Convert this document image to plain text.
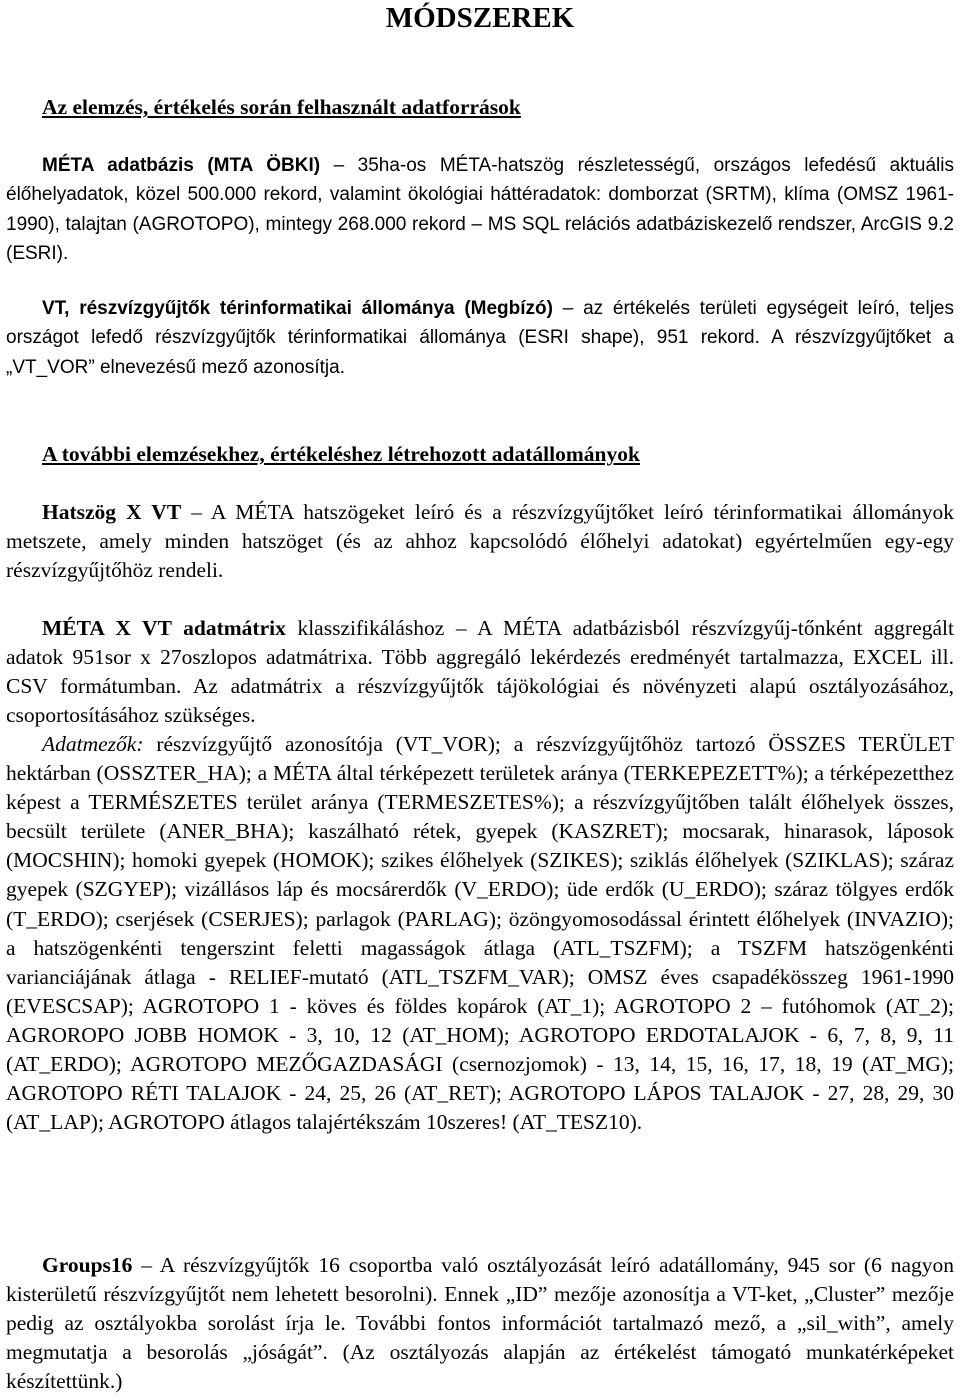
MÓDSZEREK
Az elemzés, értékelés során felhasznált adatforrások

MÉTA adatbázis (MTA ÖBKI) – 35ha-os MÉTA-hatszög részletességű, országos lefedésű aktuális élőhelyadatok, közel 500.000 rekord, valamint ökológiai háttéradatok: domborzat (SRTM), klíma (OMSZ 1961-1990), talajtan (AGROTOPO), mintegy 268.000 rekord – MS SQL relációs adatbáziskezelő rendszer, ArcGIS 9.2 (ESRI).

VT, részvízgyűjtők térinformatikai állománya (Megbízó) – az értékelés területi egységeit leíró, teljes országot lefedő részvízgyűjtők térinformatikai állománya (ESRI shape), 951 rekord. A részvízgyűjtőket a „VT_VOR” elnevezésű mező azonosítja.

A további elemzésekhez, értékeléshez létrehozott adatállományok

Hatszög X VT – A MÉTA hatszögeket leíró és a részvízgyűjtőket leíró térinformatikai állományok metszete, amely minden hatszöget (és az ahhoz kapcsolódó élőhelyi adatokat) egyértelműen egy-egy részvízgyűjtőhöz rendeli.

MÉTA X VT adatmátrix klasszifikáláshoz – A MÉTA adatbázisból részvízgyűj-tőnként aggregált adatok 951sor x 27oszlopos adatmátrixa. Több aggregáló lekérdezés eredményét tartalmazza, EXCEL ill. CSV formátumban. Az adatmátrix a részvízgyűjtők tájökológiai és növényzeti alapú osztályozásához, csoportosításához szükséges.

Adatmezők: részvízgyűjtő azonosítója (VT_VOR); a részvízgyűjtőhöz tartozó ÖSSZES TERÜLET hektárban (OSSZTER_HA); a MÉTA által térképezett területek aránya (TERKEPEZETT%); a térképezetthez képest a TERMÉSZETES terület aránya (TERMESZETES%); a részvízgyűjtőben talált élőhelyek összes, becsült területe (ANER_BHA); kaszálható rétek, gyepek (KASZRET); mocsarak, hinarasok, láposok (MOCSHIN); homoki gyepek (HOMOK); szikes élőhelyek (SZIKES); sziklás élőhelyek (SZIKLAS); száraz gyepek (SZGYEP); vizállásos láp és mocsárerdők (V_ERDO); üde erdők (U_ERDO); száraz tölgyes erdők (T_ERDO); cserjések (CSERJES); parlagok (PARLAG); özöngyomosodással érintett élőhelyek (INVAZIO); a hatszögenkénti tengerszint feletti magasságok átlaga (ATL_TSZFM); a TSZFM hatszögenkénti varianciájának átlaga - RELIEF-mutató (ATL_TSZFM_VAR); OMSZ éves csapadékösszeg 1961-1990 (EVESCSAP); AGROTOPO 1 - köves és földes kopárok (AT_1); AGROTOPO 2 – futóhomok (AT_2); AGROROPO JOBB HOMOK - 3, 10, 12 (AT_HOM); AGROTOPO ERDOTALAJOK - 6, 7, 8, 9, 11 (AT_ERDO); AGROTOPO MEZŐGAZDASÁGI (csernozjomok) - 13, 14, 15, 16, 17, 18, 19 (AT_MG); AGROTOPO RÉTI TALAJOK - 24, 25, 26 (AT_RET); AGROTOPO LÁPOS TALAJOK - 27, 28, 29, 30 (AT_LAP); AGROTOPO átlagos talajértékszám 10szeres! (AT_TESZ10).

Groups16 – A részvízgyűjtők 16 csoportba való osztályozását leíró adatállomány, 945 sor (6 nagyon kisterületű részvízgyűjtőt nem lehetett besorolni). Ennek „ID” mezője azonosítja a VT-ket, „Cluster” mezője pedig az osztályokba sorolást írja le. További fontos információt tartalmazó mező, a „sil_with”, amely megmutatja a besorolás „jóságát”. (Az osztályozás alapján az értékelést támogató munkatérképeket készítettünk.)
